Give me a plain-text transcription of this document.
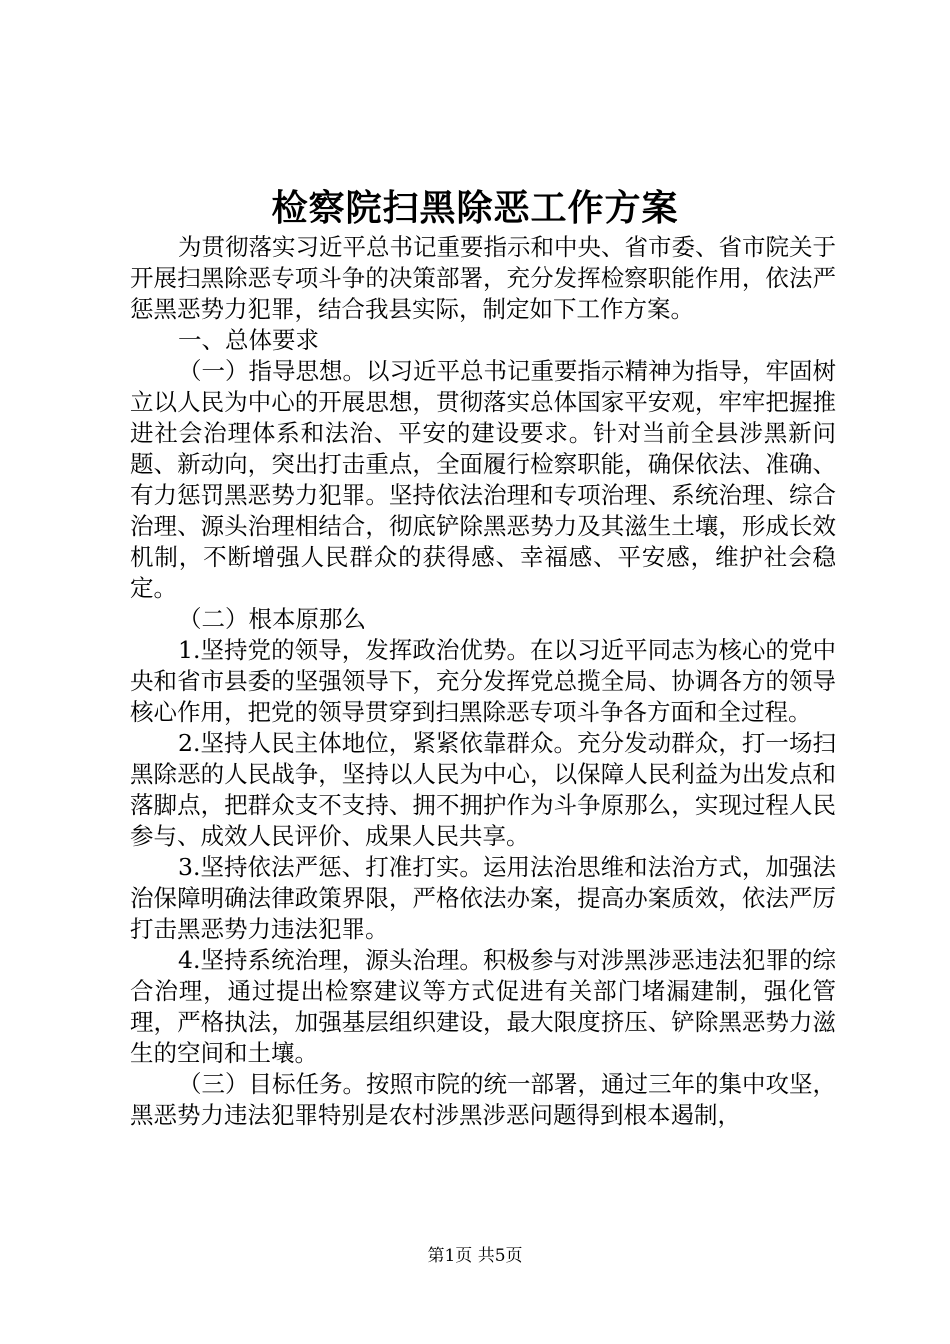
检察院扫黑除恶工作方案

为贯彻落实习近平总书记重要指示和中央、省市委、省市院关于开展扫黑除恶专项斗争的决策部署，充分发挥检察职能作用，依法严惩黑恶势力犯罪，结合我县实际，制定如下工作方案。

一、总体要求

（一）指导思想。以习近平总书记重要指示精神为指导，牢固树立以人民为中心的开展思想，贯彻落实总体国家平安观，牢牢把握推进社会治理体系和法治、平安的建设要求。针对当前全县涉黑新问题、新动向，突出打击重点，全面履行检察职能，确保依法、准确、有力惩罚黑恶势力犯罪。坚持依法治理和专项治理、系统治理、综合治理、源头治理相结合，彻底铲除黑恶势力及其滋生土壤，形成长效机制，不断增强人民群众的获得感、幸福感、平安感，维护社会稳定。

（二）根本原那么

1.坚持党的领导，发挥政治优势。在以习近平同志为核心的党中央和省市县委的坚强领导下，充分发挥党总揽全局、协调各方的领导核心作用，把党的领导贯穿到扫黑除恶专项斗争各方面和全过程。

2.坚持人民主体地位，紧紧依靠群众。充分发动群众，打一场扫黑除恶的人民战争，坚持以人民为中心，以保障人民利益为出发点和落脚点，把群众支不支持、拥不拥护作为斗争原那么，实现过程人民参与、成效人民评价、成果人民共享。

3.坚持依法严惩、打准打实。运用法治思维和法治方式，加强法治保障明确法律政策界限，严格依法办案，提高办案质效，依法严厉打击黑恶势力违法犯罪。

4.坚持系统治理，源头治理。积极参与对涉黑涉恶违法犯罪的综合治理，通过提出检察建议等方式促进有关部门堵漏建制，强化管理，严格执法，加强基层组织建设，最大限度挤压、铲除黑恶势力滋生的空间和土壤。

（三）目标任务。按照市院的统一部署，通过三年的集中攻坚，黑恶势力违法犯罪特别是农村涉黑涉恶问题得到根本遏制，

第1页 共5页
